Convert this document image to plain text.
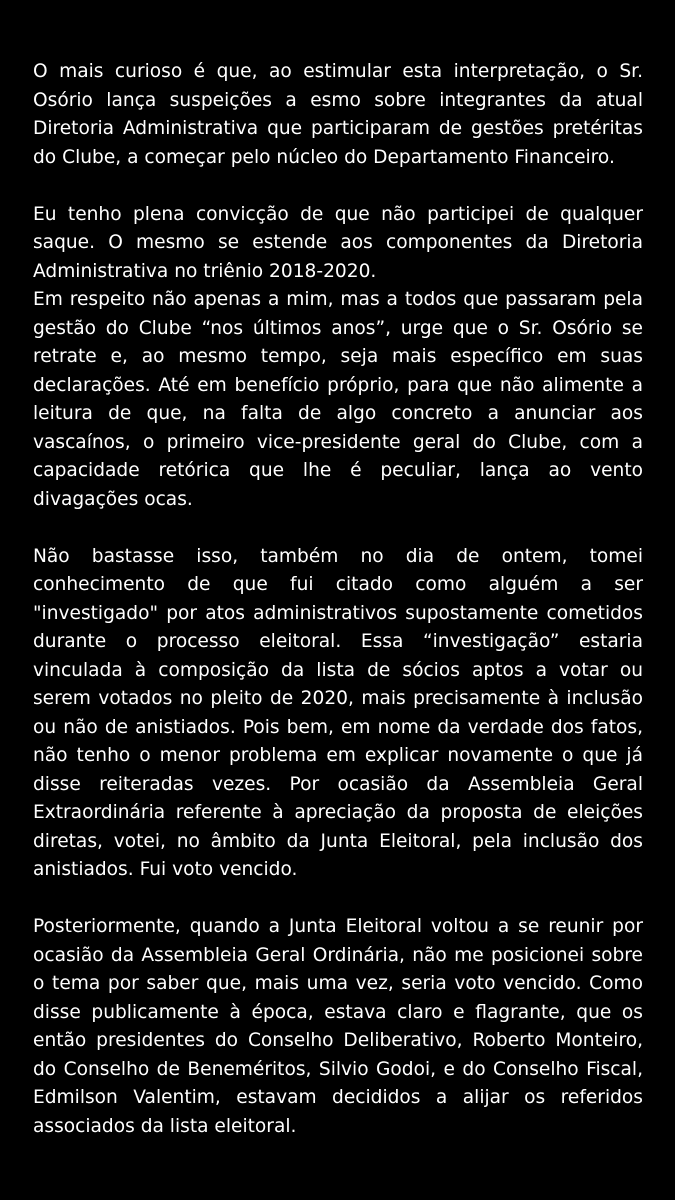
O mais curioso é que, ao estimular esta interpretação, o Sr. Osório lança suspeições a esmo sobre integrantes da atual Diretoria Administrativa que participaram de gestões pretéritas do Clube, a começar pelo núcleo do Departamento Financeiro.

Eu tenho plena convicção de que não participei de qualquer saque. O mesmo se estende aos componentes da Diretoria Administrativa no triênio 2018-2020.

Em respeito não apenas a mim, mas a todos que passaram pela gestão do Clube “nos últimos anos”, urge que o Sr. Osório se retrate e, ao mesmo tempo, seja mais específico em suas declarações. Até em benefício próprio, para que não alimente a leitura de que, na falta de algo concreto a anunciar aos vascaínos, o primeiro vice-presidente geral do Clube, com a capacidade retórica que lhe é peculiar, lança ao vento divagações ocas.

Não bastasse isso, também no dia de ontem, tomei conhecimento de que fui citado como alguém a ser "investigado" por atos administrativos supostamente cometidos durante o processo eleitoral. Essa “investigação” estaria vinculada à composição da lista de sócios aptos a votar ou serem votados no pleito de 2020, mais precisamente à inclusão ou não de anistiados. Pois bem, em nome da verdade dos fatos, não tenho o menor problema em explicar novamente o que já disse reiteradas vezes. Por ocasião da Assembleia Geral Extraordinária referente à apreciação da proposta de eleições diretas, votei, no âmbito da Junta Eleitoral, pela inclusão dos anistiados. Fui voto vencido.

Posteriormente, quando a Junta Eleitoral voltou a se reunir por ocasião da Assembleia Geral Ordinária, não me posicionei sobre o tema por saber que, mais uma vez, seria voto vencido. Como disse publicamente à época, estava claro e flagrante, que os então presidentes do Conselho Deliberativo, Roberto Monteiro, do Conselho de Beneméritos, Silvio Godoi, e do Conselho Fiscal, Edmilson Valentim, estavam decididos a alijar os referidos associados da lista eleitoral.
